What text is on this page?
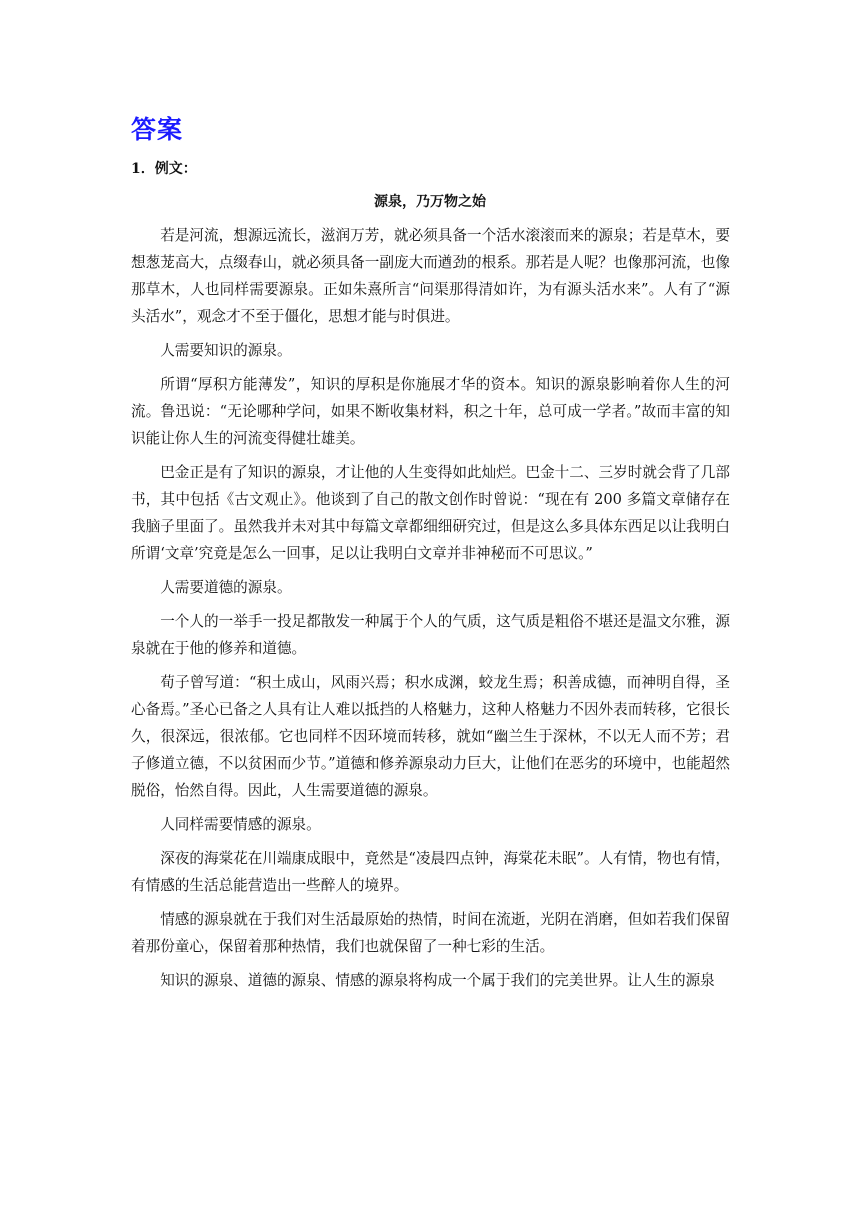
答案
1．例文：
源泉，乃万物之始

若是河流，想源远流长，滋润万芳，就必须具备一个活水滚滚而来的源泉；若是草木，要想葱茏高大，点缀春山，就必须具备一副庞大而遒劲的根系。那若是人呢？也像那河流，也像那草木，人也同样需要源泉。正如朱熹所言“问渠那得清如许，为有源头活水来”。人有了“源头活水”，观念才不至于僵化，思想才能与时俱进。

人需要知识的源泉。

所谓“厚积方能薄发”，知识的厚积是你施展才华的资本。知识的源泉影响着你人生的河流。鲁迅说：“无论哪种学问，如果不断收集材料，积之十年，总可成一学者。”故而丰富的知识能让你人生的河流变得健壮雄美。

巴金正是有了知识的源泉，才让他的人生变得如此灿烂。巴金十二、三岁时就会背了几部书，其中包括《古文观止》。他谈到了自己的散文创作时曾说：“现在有 200 多篇文章储存在我脑子里面了。虽然我并未对其中每篇文章都细细研究过，但是这么多具体东西足以让我明白所谓‘文章’究竟是怎么一回事，足以让我明白文章并非神秘而不可思议。”

人需要道德的源泉。

一个人的一举手一投足都散发一种属于个人的气质，这气质是粗俗不堪还是温文尔雅，源泉就在于他的修养和道德。

荀子曾写道：“积土成山，风雨兴焉；积水成渊，蛟龙生焉；积善成德，而神明自得，圣心备焉。”圣心已备之人具有让人难以抵挡的人格魅力，这种人格魅力不因外表而转移，它很长久，很深远，很浓郁。它也同样不因环境而转移，就如“幽兰生于深林，不以无人而不芳；君子修道立德，不以贫困而少节。”道德和修养源泉动力巨大，让他们在恶劣的环境中，也能超然脱俗，怡然自得。因此，人生需要道德的源泉。

人同样需要情感的源泉。

深夜的海棠花在川端康成眼中，竟然是“凌晨四点钟，海棠花未眠”。人有情，物也有情，有情感的生活总能营造出一些醉人的境界。

情感的源泉就在于我们对生活最原始的热情，时间在流逝，光阴在消磨，但如若我们保留着那份童心，保留着那种热情，我们也就保留了一种七彩的生活。

知识的源泉、道德的源泉、情感的源泉将构成一个属于我们的完美世界。让人生的源泉
